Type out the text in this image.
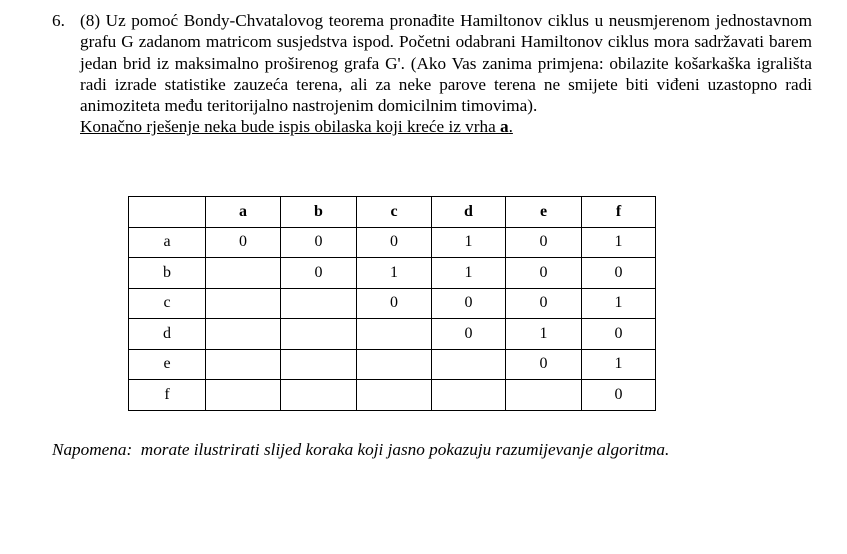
6. (8) Uz pomoć Bondy-Chvatalovog teorema pronađite Hamiltonov ciklus u neusmjerenom jednostavnom grafu G zadanom matricom susjedstva ispod. Početni odabrani Hamiltonov ciklus mora sadržavati barem jedan brid iz maksimalno proširenog grafa G'. (Ako Vas zanima primjena: obilazite košarkaška igrališta radi izrade statistike zauzeća terena, ali za neke parove terena ne smijete biti viđeni uzastopno radi animoziteta među teritorijalno nastrojenim domicilnim timovima).

Konačno rješenje neka bude ispis obilaska koji kreće iz vrha a.
	a	b	c	d	e	f
a	0	0	0	1	0	1
b		0	1	1	0	0
c			0	0	0	1
d				0	1	0
e					0	1
f						0
Napomena:  morate ilustrirati slijed koraka koji jasno pokazuju razumijevanje algoritma.
